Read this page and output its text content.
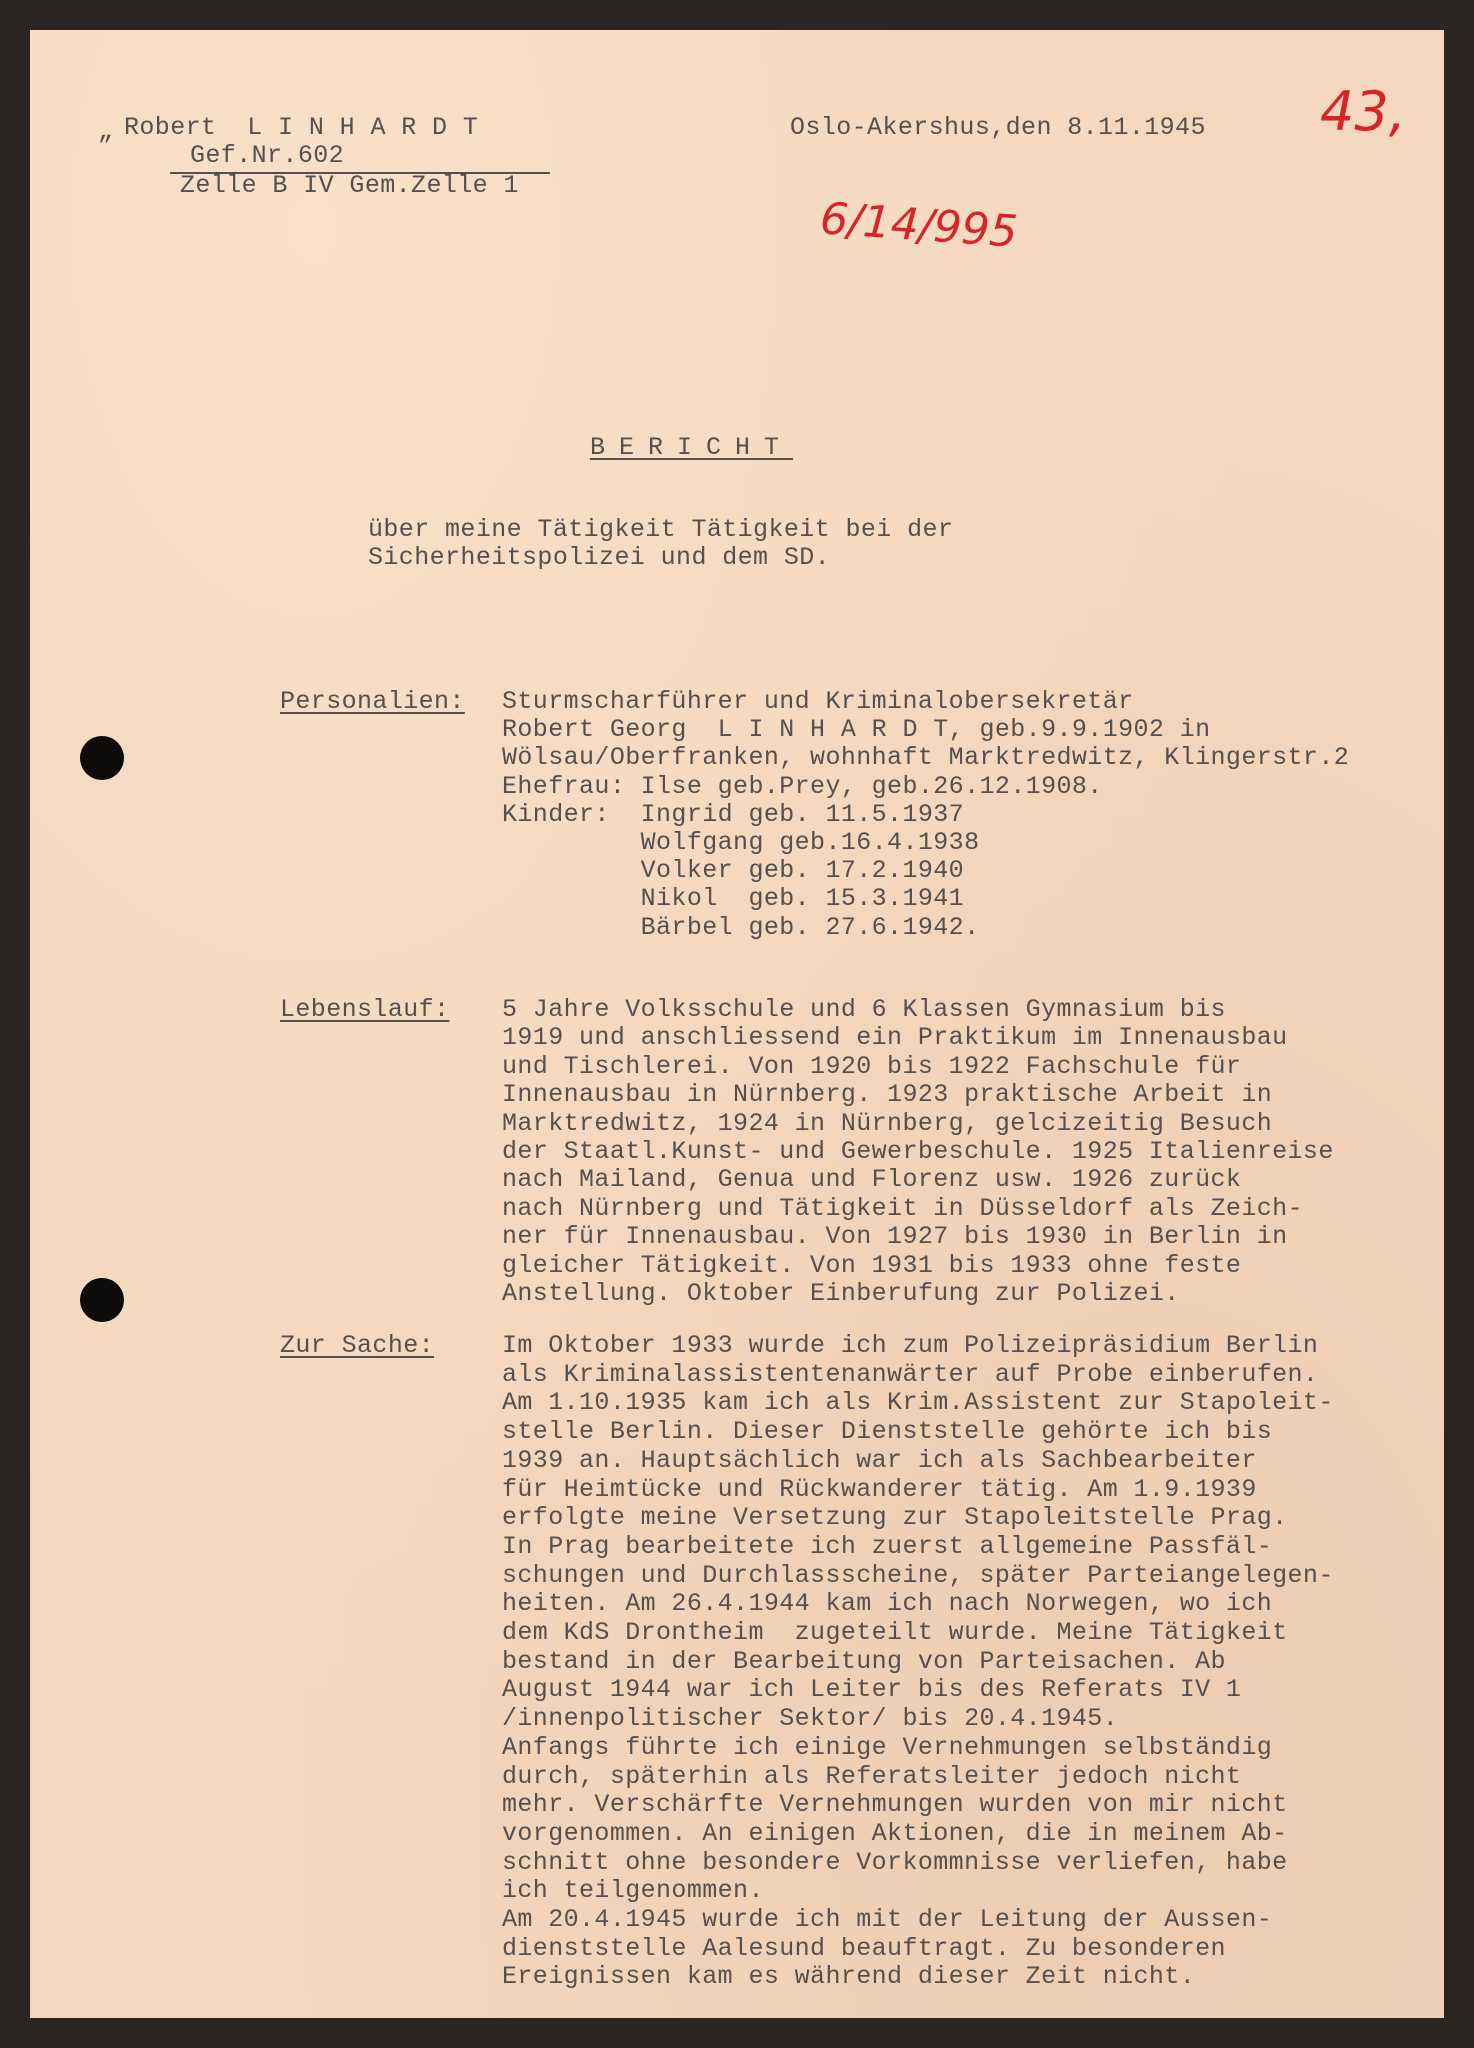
43,
6/14/995
„ Robert  L I N H A R D T
Gef.Nr.602
Zelle B IV Gem.Zelle 1
Oslo-Akershus,den 8.11.1945
BERICHT
über meine Tätigkeit Tätigkeit bei der
Sicherheitspolizei und dem SD.
Personalien: Sturmscharführer und Kriminalobersekretär
Robert Georg  L I N H A R D T, geb.9.9.1902 in
Wölsau/Oberfranken, wohnhaft Marktredwitz, Klingerstr.2
Ehefrau: Ilse geb.Prey, geb.26.12.1908.
Kinder:  Ingrid geb. 11.5.1937
Wolfgang geb.16.4.1938
Volker geb. 17.2.1940
Nikol  geb. 15.3.1941
Bärbel geb. 27.6.1942.
Lebenslauf: 5 Jahre Volksschule und 6 Klassen Gymnasium bis
1919 und anschliessend ein Praktikum im Innenausbau
und Tischlerei. Von 1920 bis 1922 Fachschule für
Innenausbau in Nürnberg. 1923 praktische Arbeit in
Marktredwitz, 1924 in Nürnberg, gelcizeitig Besuch
der Staatl.Kunst- und Gewerbeschule. 1925 Italienreise
nach Mailand, Genua und Florenz usw. 1926 zurück
nach Nürnberg und Tätigkeit in Düsseldorf als Zeich-
ner für Innenausbau. Von 1927 bis 1930 in Berlin in
gleicher Tätigkeit. Von 1931 bis 1933 ohne feste
Anstellung. Oktober Einberufung zur Polizei.
Zur Sache:	Im Oktober 1933 wurde ich zum Polizeipräsidium Berlin
als Kriminalassistentenanwärter auf Probe einberufen.
Am 1.10.1935 kam ich als Krim.Assistent zur Stapoleit-
stelle Berlin. Dieser Dienststelle gehörte ich bis
1939 an. Hauptsächlich war ich als Sachbearbeiter
für Heimtücke und Rückwanderer tätig. Am 1.9.1939
erfolgte meine Versetzung zur Stapoleitstelle Prag.
In Prag bearbeitete ich zuerst allgemeine Passfäl-
schungen und Durchlassscheine, später Parteiangelegen-
heiten. Am 26.4.1944 kam ich nach Norwegen, wo ich
dem KdS Drontheim  zugeteilt wurde. Meine Tätigkeit
bestand in der Bearbeitung von Parteisachen. Ab
August 1944 war ich Leiter bis des Referats IV 1
/innenpolitischer Sektor/ bis 20.4.1945.
Anfangs führte ich einige Vernehmungen selbständig
durch, späterhin als Referatsleiter jedoch nicht
mehr. Verschärfte Vernehmungen wurden von mir nicht
vorgenommen. An einigen Aktionen, die in meinem Ab-
schnitt ohne besondere Vorkommnisse verliefen, habe
ich teilgenommen.
Am 20.4.1945 wurde ich mit der Leitung der Aussen-
dienststelle Aalesund beauftragt. Zu besonderen
Ereignissen kam es während dieser Zeit nicht.
